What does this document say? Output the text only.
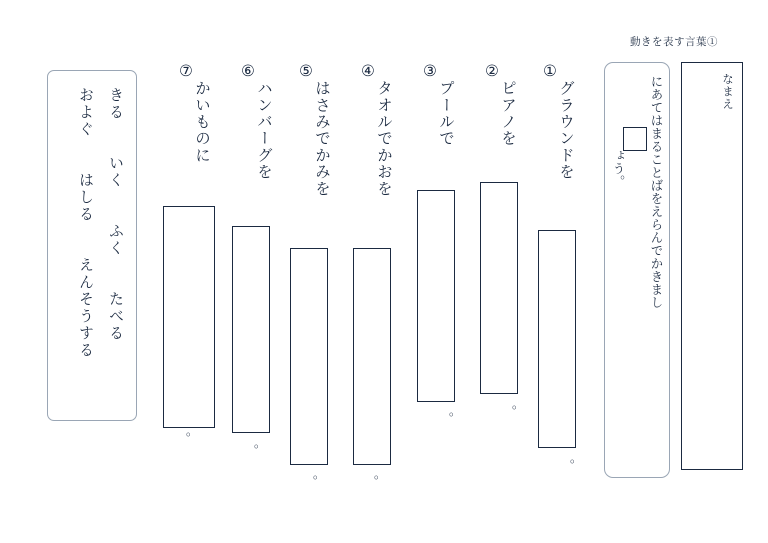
動きを表す言葉①
なまえ
にあてはまることばをえらんでかきまし
ょう。
①
グラウンドを
。
②
ピアノを
。
③
プールで
。
④
タオルでかおを
。
⑤
はさみでかみを
。
⑥
ハンバーグを
。
⑦
かいものに
。
きる　　いく　　ふく　　たべる
およぐ　　はしる　　えんそうする
